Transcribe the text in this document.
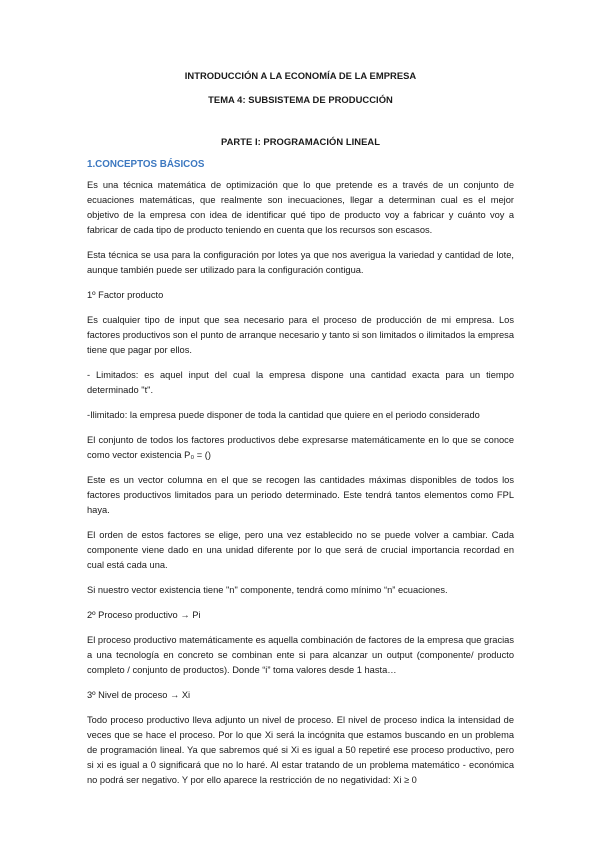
INTRODUCCIÓN A LA ECONOMÍA DE LA EMPRESA
TEMA 4: SUBSISTEMA DE PRODUCCIÓN
PARTE I: PROGRAMACIÓN LINEAL
1.CONCEPTOS BÁSICOS

Es una técnica matemática de optimización que lo que pretende es a través de un conjunto de ecuaciones matemáticas, que realmente son inecuaciones, llegar a determinan cual es el mejor objetivo de la empresa con idea de identificar qué tipo de producto voy a fabricar y cuánto voy a fabricar de cada tipo de producto teniendo en cuenta que los recursos son escasos.

Esta técnica se usa para la configuración por lotes ya que nos averigua la variedad y cantidad de lote, aunque también puede ser utilizado para la configuración contigua.

1º Factor producto

Es cualquier tipo de input que sea necesario para el proceso de producción de mi empresa. Los factores productivos son el punto de arranque necesario y tanto si son limitados o ilimitados la empresa tiene que pagar por ellos.

- Limitados: es aquel input del cual la empresa dispone una cantidad exacta para un tiempo determinado "t".

-Ilimitado: la empresa puede disponer de toda la cantidad que quiere en el periodo considerado

El conjunto de todos los factores productivos debe expresarse matemáticamente en lo que se conoce como vector existencia P₀ = ()

Este es un vector columna en el que se recogen las cantidades máximas disponibles de todos los factores productivos limitados para un periodo determinado. Este tendrá tantos elementos como FPL haya.

El orden de estos factores se elige, pero una vez establecido no se puede volver a cambiar. Cada componente viene dado en una unidad diferente por lo que será de crucial importancia recordad en cual está cada una.

Si nuestro vector existencia tiene "n" componente, tendrá como mínimo “n” ecuaciones.

2º Proceso productivo → Pi

El proceso productivo matemáticamente es aquella combinación de factores de la empresa que gracias a una tecnología en concreto se combinan ente si para alcanzar un output (componente/ producto completo / conjunto de productos). Donde “i” toma valores desde 1 hasta…

3º Nivel de proceso → Xi

Todo proceso productivo lleva adjunto un nivel de proceso. El nivel de proceso indica la intensidad de veces que se hace el proceso. Por lo que Xi será la incógnita que estamos buscando en un problema de programación lineal. Ya que sabremos qué si Xi es igual a 50 repetiré ese proceso productivo, pero si xi es igual a 0 significará que no lo haré. Al estar tratando de un problema matemático - económica no podrá ser negativo. Y por ello aparece la restricción de no negatividad: Xi ≥ 0
